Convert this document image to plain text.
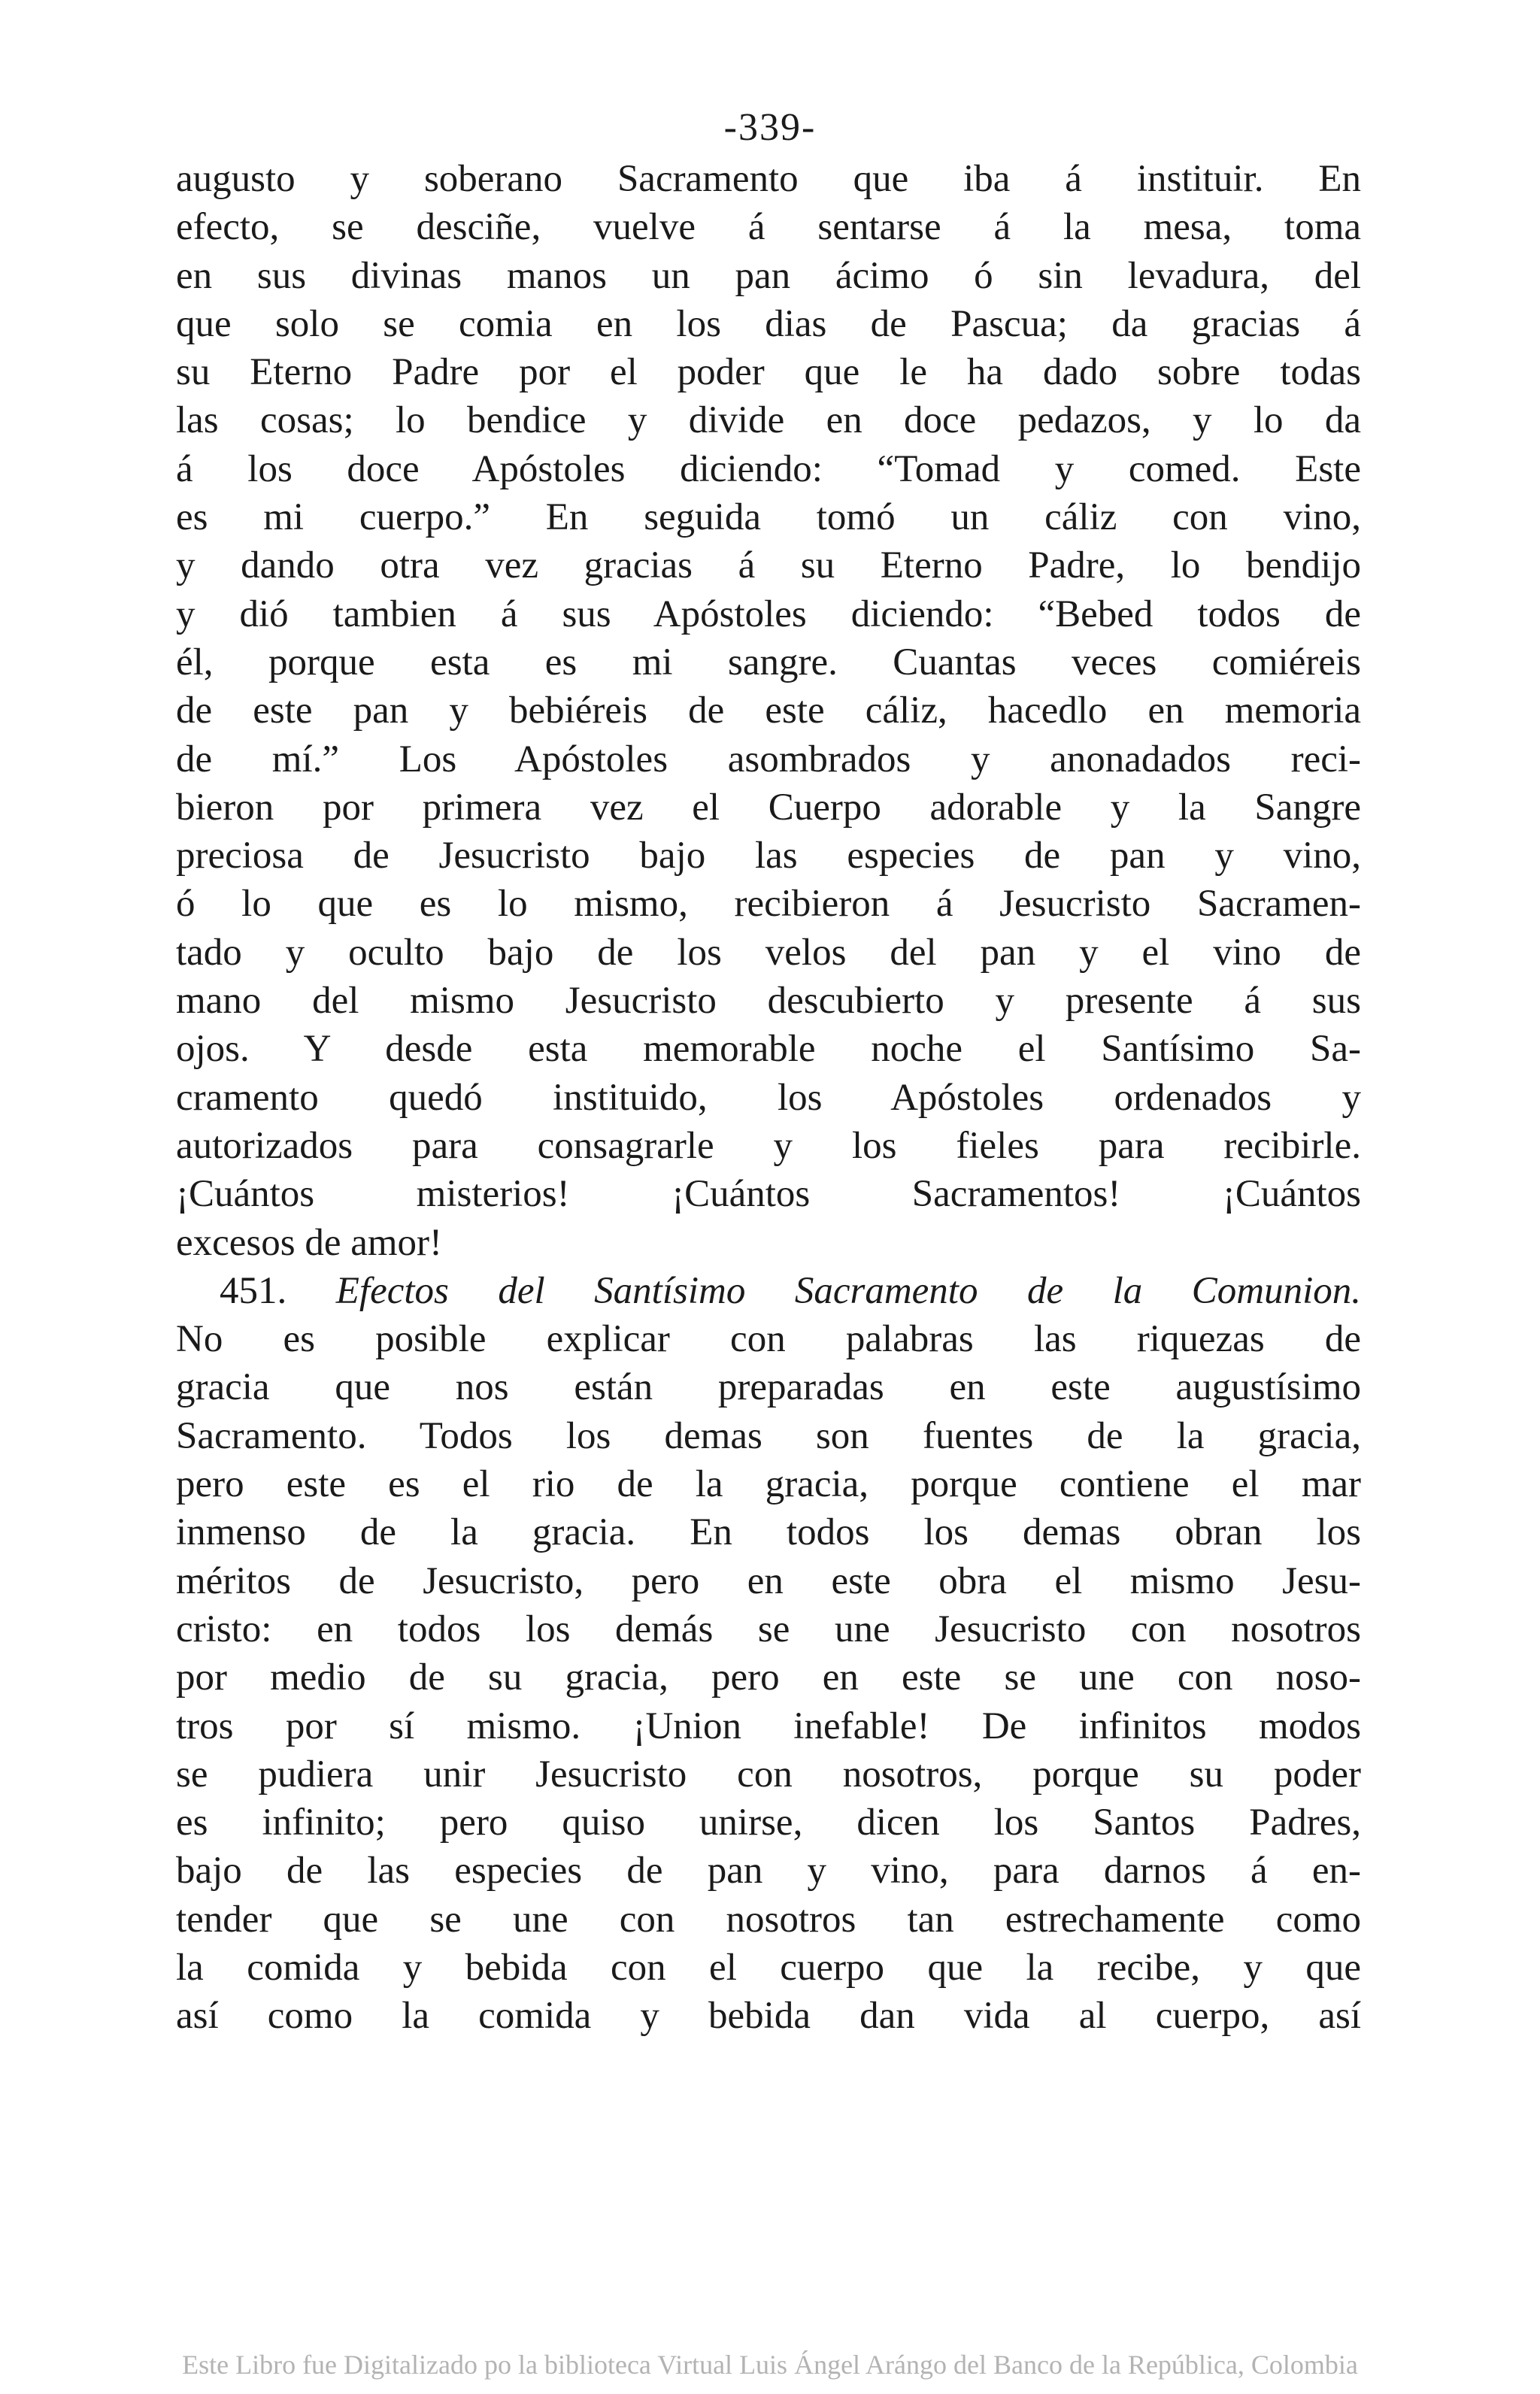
-339-
augusto y soberano Sacramento que iba á instituir. En
efecto, se desciñe, vuelve á sentarse á la mesa, toma
en sus divinas manos un pan ácimo ó sin levadura, del
que solo se comia en los dias de Pascua; da gracias á
su Eterno Padre por el poder que le ha dado sobre todas
las cosas; lo bendice y divide en doce pedazos, y lo da
á los doce Apóstoles diciendo: “Tomad y comed. Este
es mi cuerpo.” En seguida tomó un cáliz con vino,
y dando otra vez gracias á su Eterno Padre, lo bendijo
y dió tambien á sus Apóstoles diciendo: “Bebed todos de
él, porque esta es mi sangre. Cuantas veces comiéreis
de este pan y bebiéreis de este cáliz, hacedlo en memoria
de mí.” Los Apóstoles asombrados y anonadados reci-
bieron por primera vez el Cuerpo adorable y la Sangre
preciosa de Jesucristo bajo las especies de pan y vino,
ó lo que es lo mismo, recibieron á Jesucristo Sacramen-
tado y oculto bajo de los velos del pan y el vino de
mano del mismo Jesucristo descubierto y presente á sus
ojos. Y desde esta memorable noche el Santísimo Sa-
cramento quedó instituido, los Apóstoles ordenados y
autorizados para consagrarle y los fieles para recibirle.
¡Cuántos misterios! ¡Cuántos Sacramentos! ¡Cuántos
excesos de amor!
451. Efectos del Santísimo Sacramento de la Comunion.
No es posible explicar con palabras las riquezas de
gracia que nos están preparadas en este augustísimo
Sacramento. Todos los demas son fuentes de la gracia,
pero este es el rio de la gracia, porque contiene el mar
inmenso de la gracia. En todos los demas obran los
méritos de Jesucristo, pero en este obra el mismo Jesu-
cristo: en todos los demás se une Jesucristo con nosotros
por medio de su gracia, pero en este se une con noso-
tros por sí mismo. ¡Union inefable! De infinitos modos
se pudiera unir Jesucristo con nosotros, porque su poder
es infinito; pero quiso unirse, dicen los Santos Padres,
bajo de las especies de pan y vino, para darnos á en-
tender que se une con nosotros tan estrechamente como
la comida y bebida con el cuerpo que la recibe, y que
así como la comida y bebida dan vida al cuerpo, así
Este Libro fue Digitalizado po la biblioteca Virtual Luis Ángel Arángo del Banco de la República, Colombia
